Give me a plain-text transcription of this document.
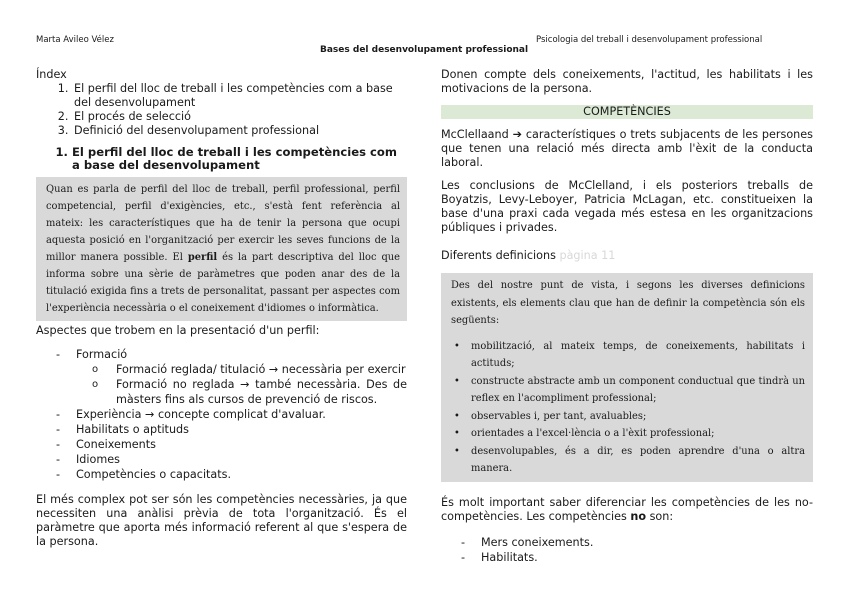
Marta Avileo Vélez	Psicologia del treball i desenvolupament professional
Bases del desenvolupament professional

Índex

1. El perfil del lloc de treball i les competències com a base del desenvolupament
2. El procés de selecció
3. Definició del desenvolupament professional
1. El perfil del lloc de treball i les competències com a base del desenvolupament
Quan es parla de perfil del lloc de treball, perfil professional, perfil competencial, perfil d'exigències, etc., s'està fent referència al mateix: les característiques que ha de tenir la persona que ocupi aquesta posició en l'organització per exercir les seves funcions de la millor manera possible. El perfil és la part descriptiva del lloc que informa sobre una sèrie de paràmetres que poden anar des de la titulació exigida fins a trets de personalitat, passant per aspectes com l'experiència necessària o el coneixement d'idiomes o informàtica.

Aspectes que trobem en la presentació d'un perfil:

- Formació
o Formació reglada/ titulació → necessària per exercir
o Formació no reglada → també necessària. Des de màsters fins als cursos de prevenció de riscos.
- Experiència → concepte complicat d'avaluar.
- Habilitats o aptituds
- Coneixements
- Idiomes
- Competències o capacitats.

El més complex pot ser són les competències necessàries, ja que necessiten una anàlisi prèvia de tota l'organització. És el paràmetre que aporta més informació referent al que s'espera de la persona.

Donen compte dels coneixements, l'actitud, les habilitats i les motivacions de la persona.

COMPETÈNCIES

McClellaand ➔ característiques o trets subjacents de les persones que tenen una relació més directa amb l'èxit de la conducta laboral.

Les conclusions de McClelland, i els posteriors treballs de Boyatzis, Levy-Leboyer, Patricia McLagan, etc. constitueixen la base d'una praxi cada vegada més estesa en les organitzacions públiques i privades.

Diferents definicions pàgina 11

Des del nostre punt de vista, i segons les diverses definicions existents, els elements clau que han de definir la competència són els següents:

• mobilització, al mateix temps, de coneixements, habilitats i actituds;
• constructe abstracte amb un component conductual que tindrà un reflex en l'acompliment professional;
• observables i, per tant, avaluables;
• orientades a l'excel·lència o a l'èxit professional;
• desenvolupables, és a dir, es poden aprendre d'una o altra manera.

És molt important saber diferenciar les competències de les no-competències. Les competències no son:

- Mers coneixements.
- Habilitats.
